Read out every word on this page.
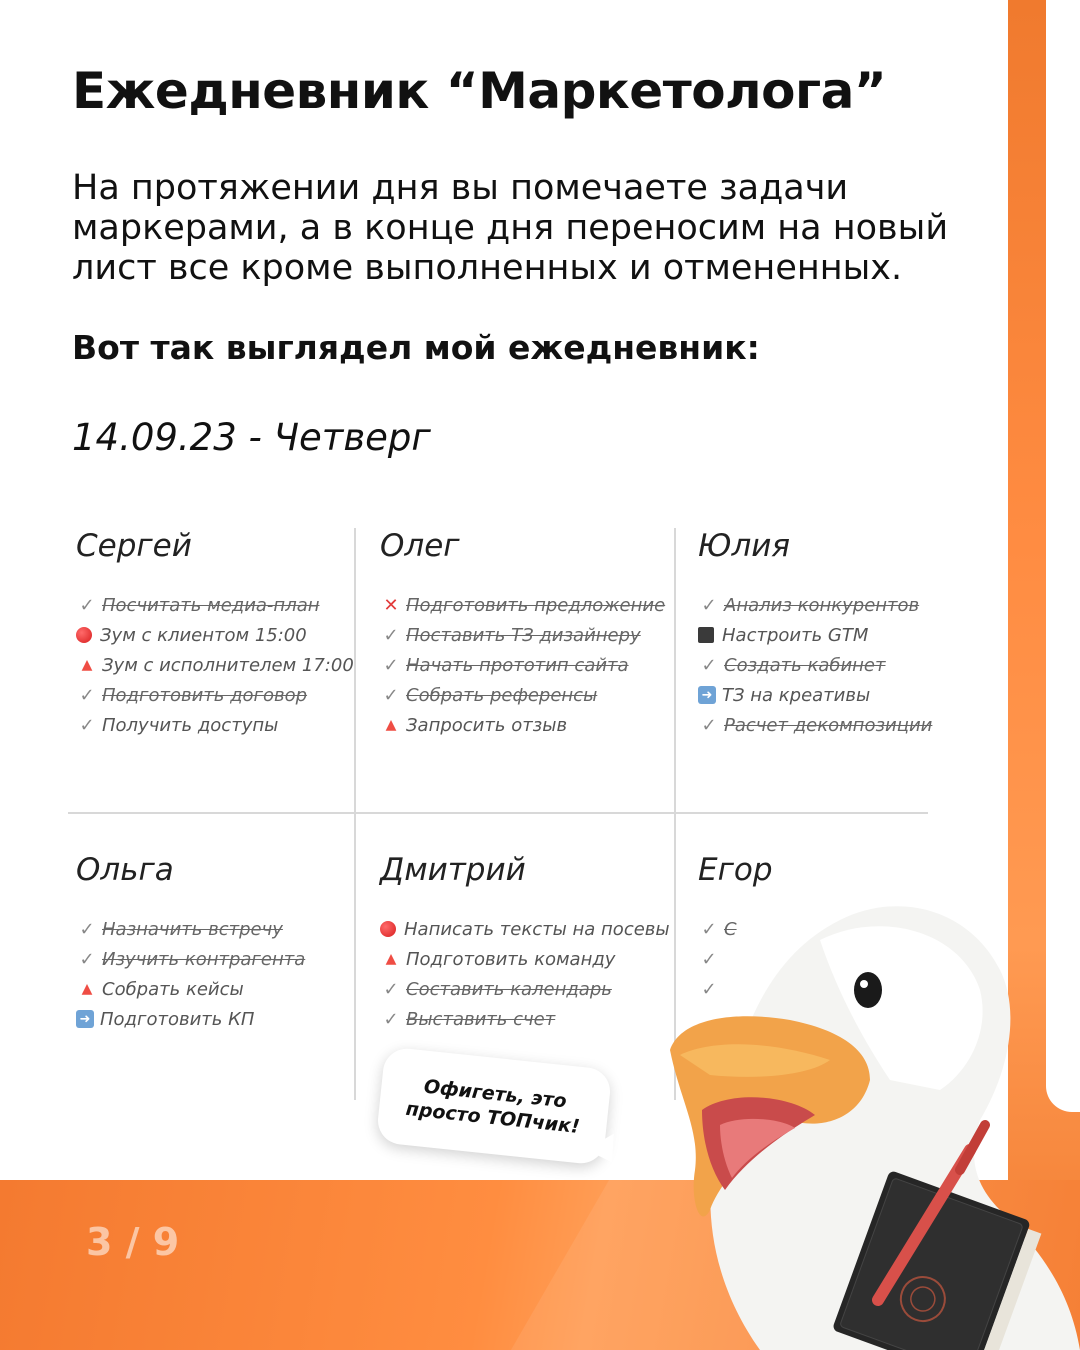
Ежедневник “Маркетолога”

На протяжении дня вы помечаете задачи маркерами, а в конце дня переносим на новый лист все кроме выполненных и отмененных.

Вот так выглядел мой ежедневник:
14.09.23 - Четверг
Сергей
✓ Посчитать медиа-план
Зум с клиентом 15:00
▲ Зум с исполнителем 17:00
✓ Подготовить договор
✓ Получить доступы
Олег
✕ Подготовить предложение
✓ Поставить ТЗ дизайнеру
✓ Начать прототип сайта
✓ Собрать референсы
▲ Запросить отзыв
Юлия
✓ Анализ конкурентов
Настроить GTM
✓ Создать кабинет
➜ ТЗ на креативы
✓ Расчет декомпозиции
Ольга
✓ Назначить встречу
✓ Изучить контрагента
▲ Собрать кейсы
➜ Подготовить КП
Дмитрий
Написать тексты на посевы
▲ Подготовить команду
✓ Составить календарь
✓ Выставить счет
Егор
✓ С
✓
✓
Офигеть, это просто ТОПчик!
3 / 9
